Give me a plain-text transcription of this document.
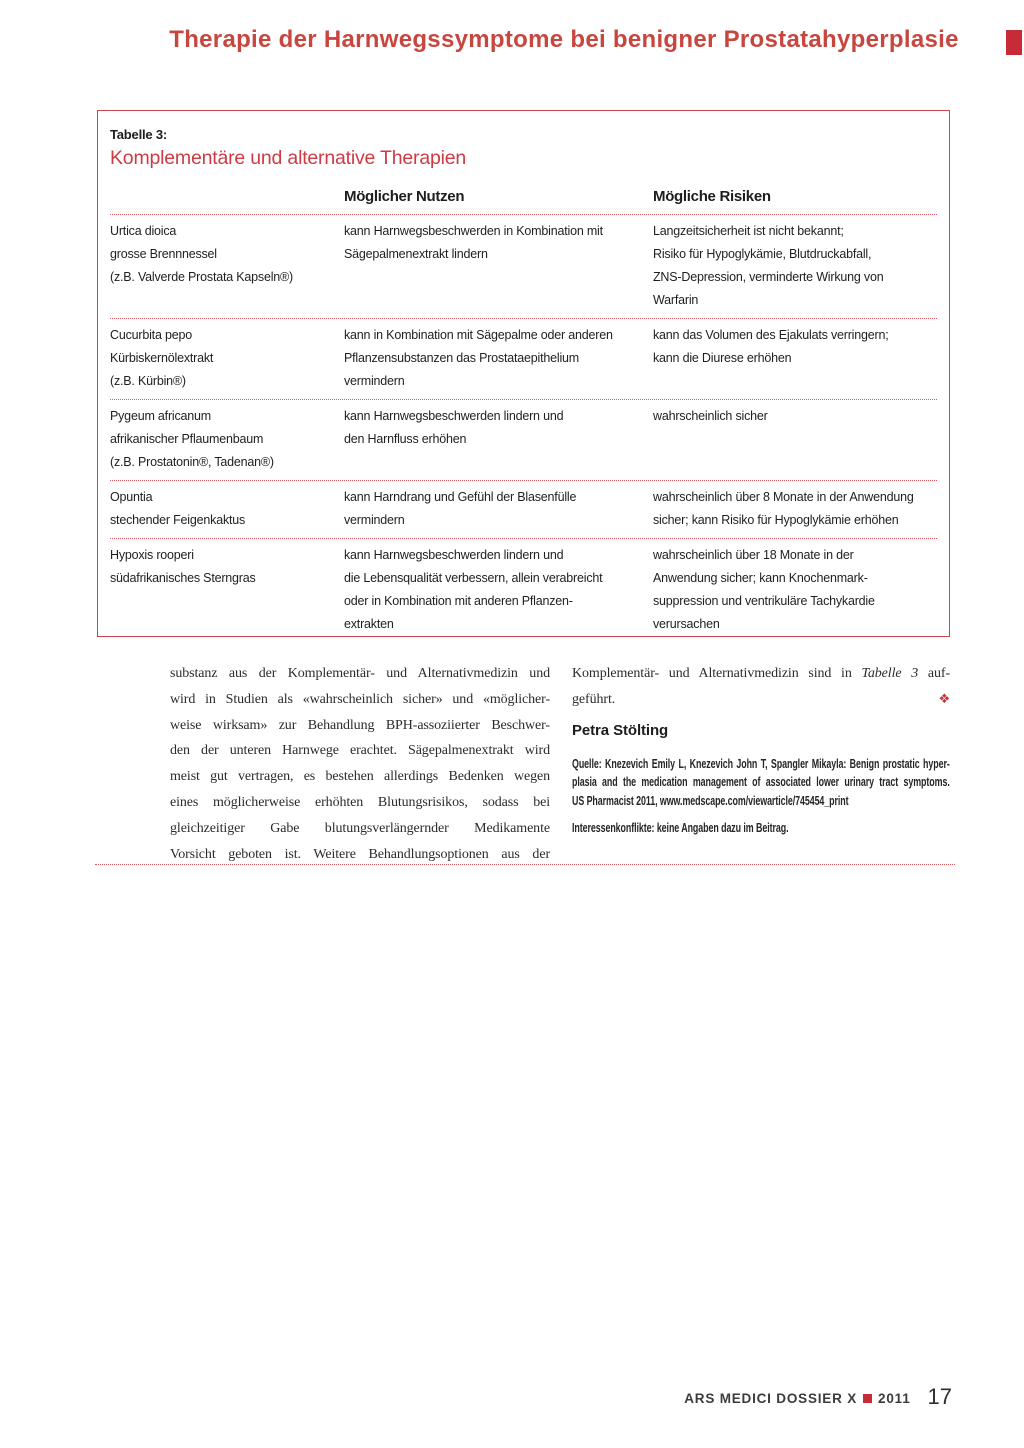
Therapie der Harnwegssymptome bei benigner Prostatahyperplasie
Tabelle 3:
Komplementäre und alternative Therapien
Möglicher Nutzen	Mögliche Risiken
Urtica dioica
grosse Brennnessel
(z.B. Valverde Prostata Kapseln®)
kann Harnwegsbeschwerden in Kombination mit
Sägepalmenextrakt lindern
Langzeitsicherheit ist nicht bekannt;
Risiko für Hypoglykämie, Blutdruckabfall,
ZNS-Depression, verminderte Wirkung von
Warfarin
Cucurbita pepo
Kürbiskernölextrakt
(z.B. Kürbin®)
kann in Kombination mit Sägepalme oder anderen
Pflanzensubstanzen das Prostataepithelium
vermindern
kann das Volumen des Ejakulats verringern;
kann die Diurese erhöhen
Pygeum africanum
afrikanischer Pflaumenbaum
(z.B. Prostatonin®, Tadenan®)
kann Harnwegsbeschwerden lindern und
den Harnfluss erhöhen
wahrscheinlich sicher
Opuntia
stechender Feigenkaktus
kann Harndrang und Gefühl der Blasenfülle
vermindern
wahrscheinlich über 8 Monate in der Anwendung
sicher; kann Risiko für Hypoglykämie erhöhen
Hypoxis rooperi
südafrikanisches Sterngras
kann Harnwegsbeschwerden lindern und
die Lebensqualität verbessern, allein verabreicht
oder in Kombination mit anderen Pflanzen-
extrakten
wahrscheinlich über 18 Monate in der
Anwendung sicher; kann Knochenmark-
suppression und ventrikuläre Tachykardie
verursachen
substanz aus der Komplementär- und Alternativmedizin und
wird in Studien als «wahrscheinlich sicher» und «möglicher-
weise wirksam» zur Behandlung BPH-assoziierter Beschwer-
den der unteren Harnwege erachtet. Sägepalmenextrakt wird
meist gut vertragen, es bestehen allerdings Bedenken wegen
eines möglicherweise erhöhten Blutungsrisikos, sodass bei
gleichzeitiger Gabe blutungsverlängernder Medikamente
Vorsicht geboten ist. Weitere Behandlungsoptionen aus der
Komplementär- und Alternativmedizin sind in Tabelle 3 auf-
geführt.	❖
Petra Stölting
Quelle: Knezevich Emily L, Knezevich John T, Spangler Mikayla: Benign prostatic hyper-
plasia and the medication management of associated lower urinary tract symptoms.
US Pharmacist 2011, www.medscape.com/viewarticle/745454_print
Interessenkonflikte: keine Angaben dazu im Beitrag.
ARS MEDICI DOSSIER X 2011 17
